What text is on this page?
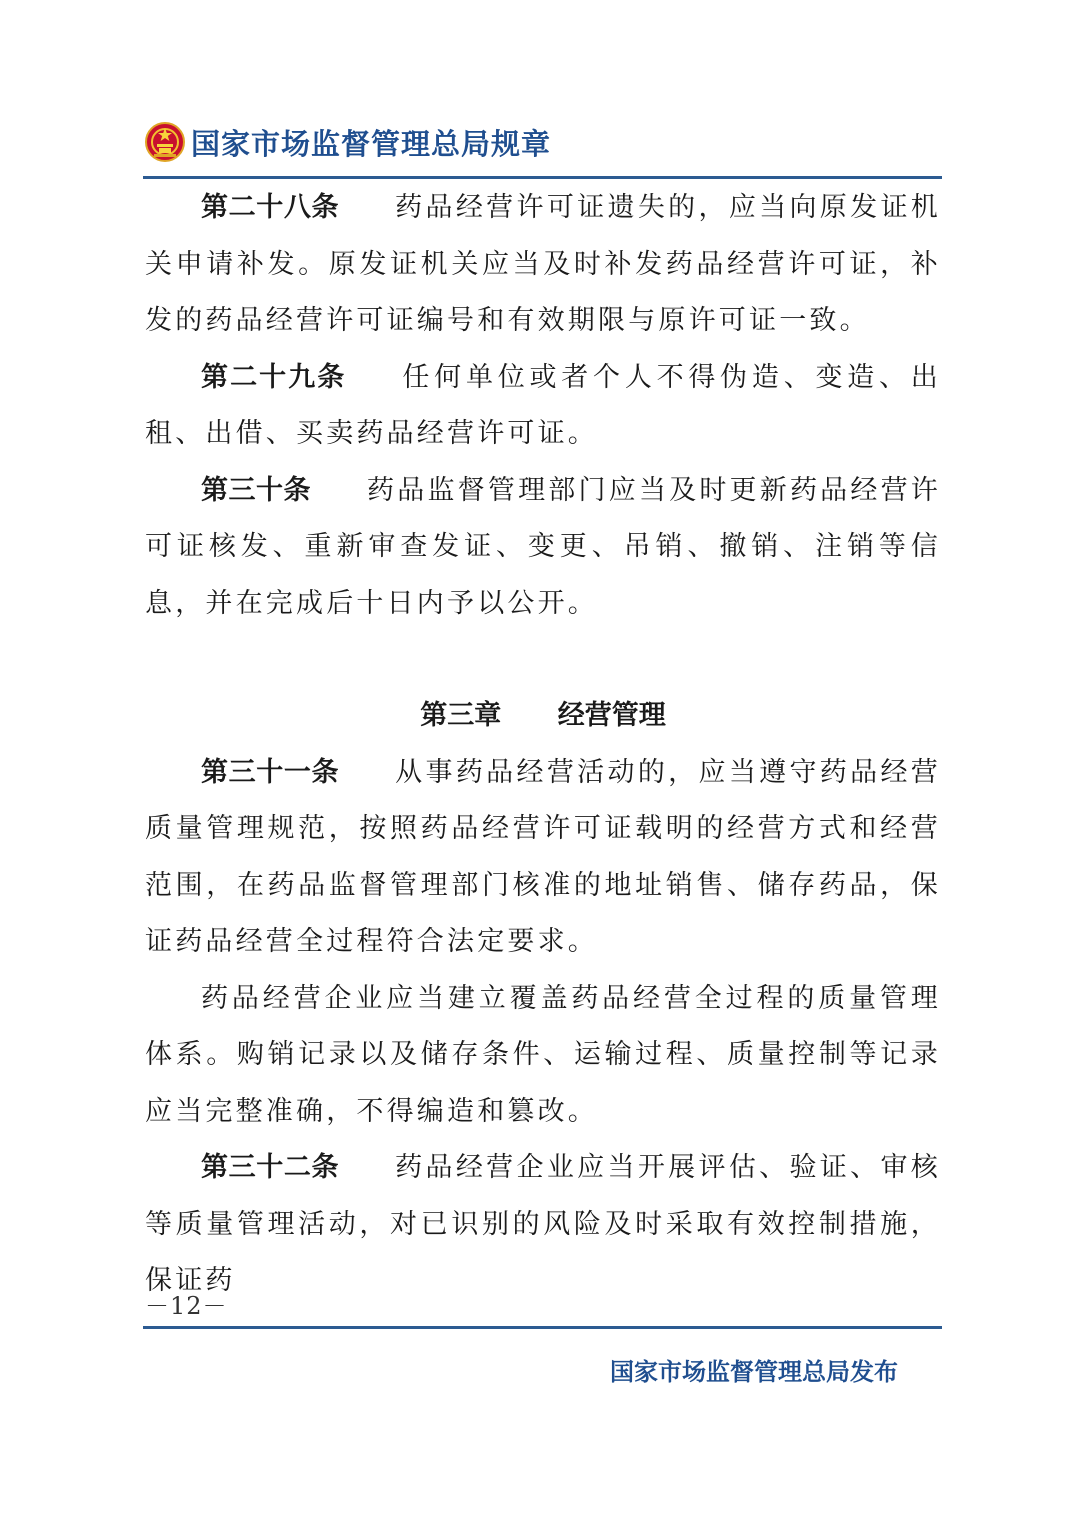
国家市场监督管理总局规章

第二十八条 药品经营许可证遗失的，应当向原发证机关申请补发。原发证机关应当及时补发药品经营许可证，补发的药品经营许可证编号和有效期限与原许可证一致。

第二十九条 任何单位或者个人不得伪造、变造、出租、出借、买卖药品经营许可证。

第三十条 药品监督管理部门应当及时更新药品经营许可证核发、重新审查发证、变更、吊销、撤销、注销等信息，并在完成后十日内予以公开。

第三章 经营管理

第三十一条 从事药品经营活动的，应当遵守药品经营质量管理规范，按照药品经营许可证载明的经营方式和经营范围，在药品监督管理部门核准的地址销售、储存药品，保证药品经营全过程符合法定要求。

药品经营企业应当建立覆盖药品经营全过程的质量管理体系。购销记录以及储存条件、运输过程、质量控制等记录应当完整准确，不得编造和篡改。

第三十二条 药品经营企业应当开展评估、验证、审核等质量管理活动，对已识别的风险及时采取有效控制措施，保证药

－12－
国家市场监督管理总局发布
